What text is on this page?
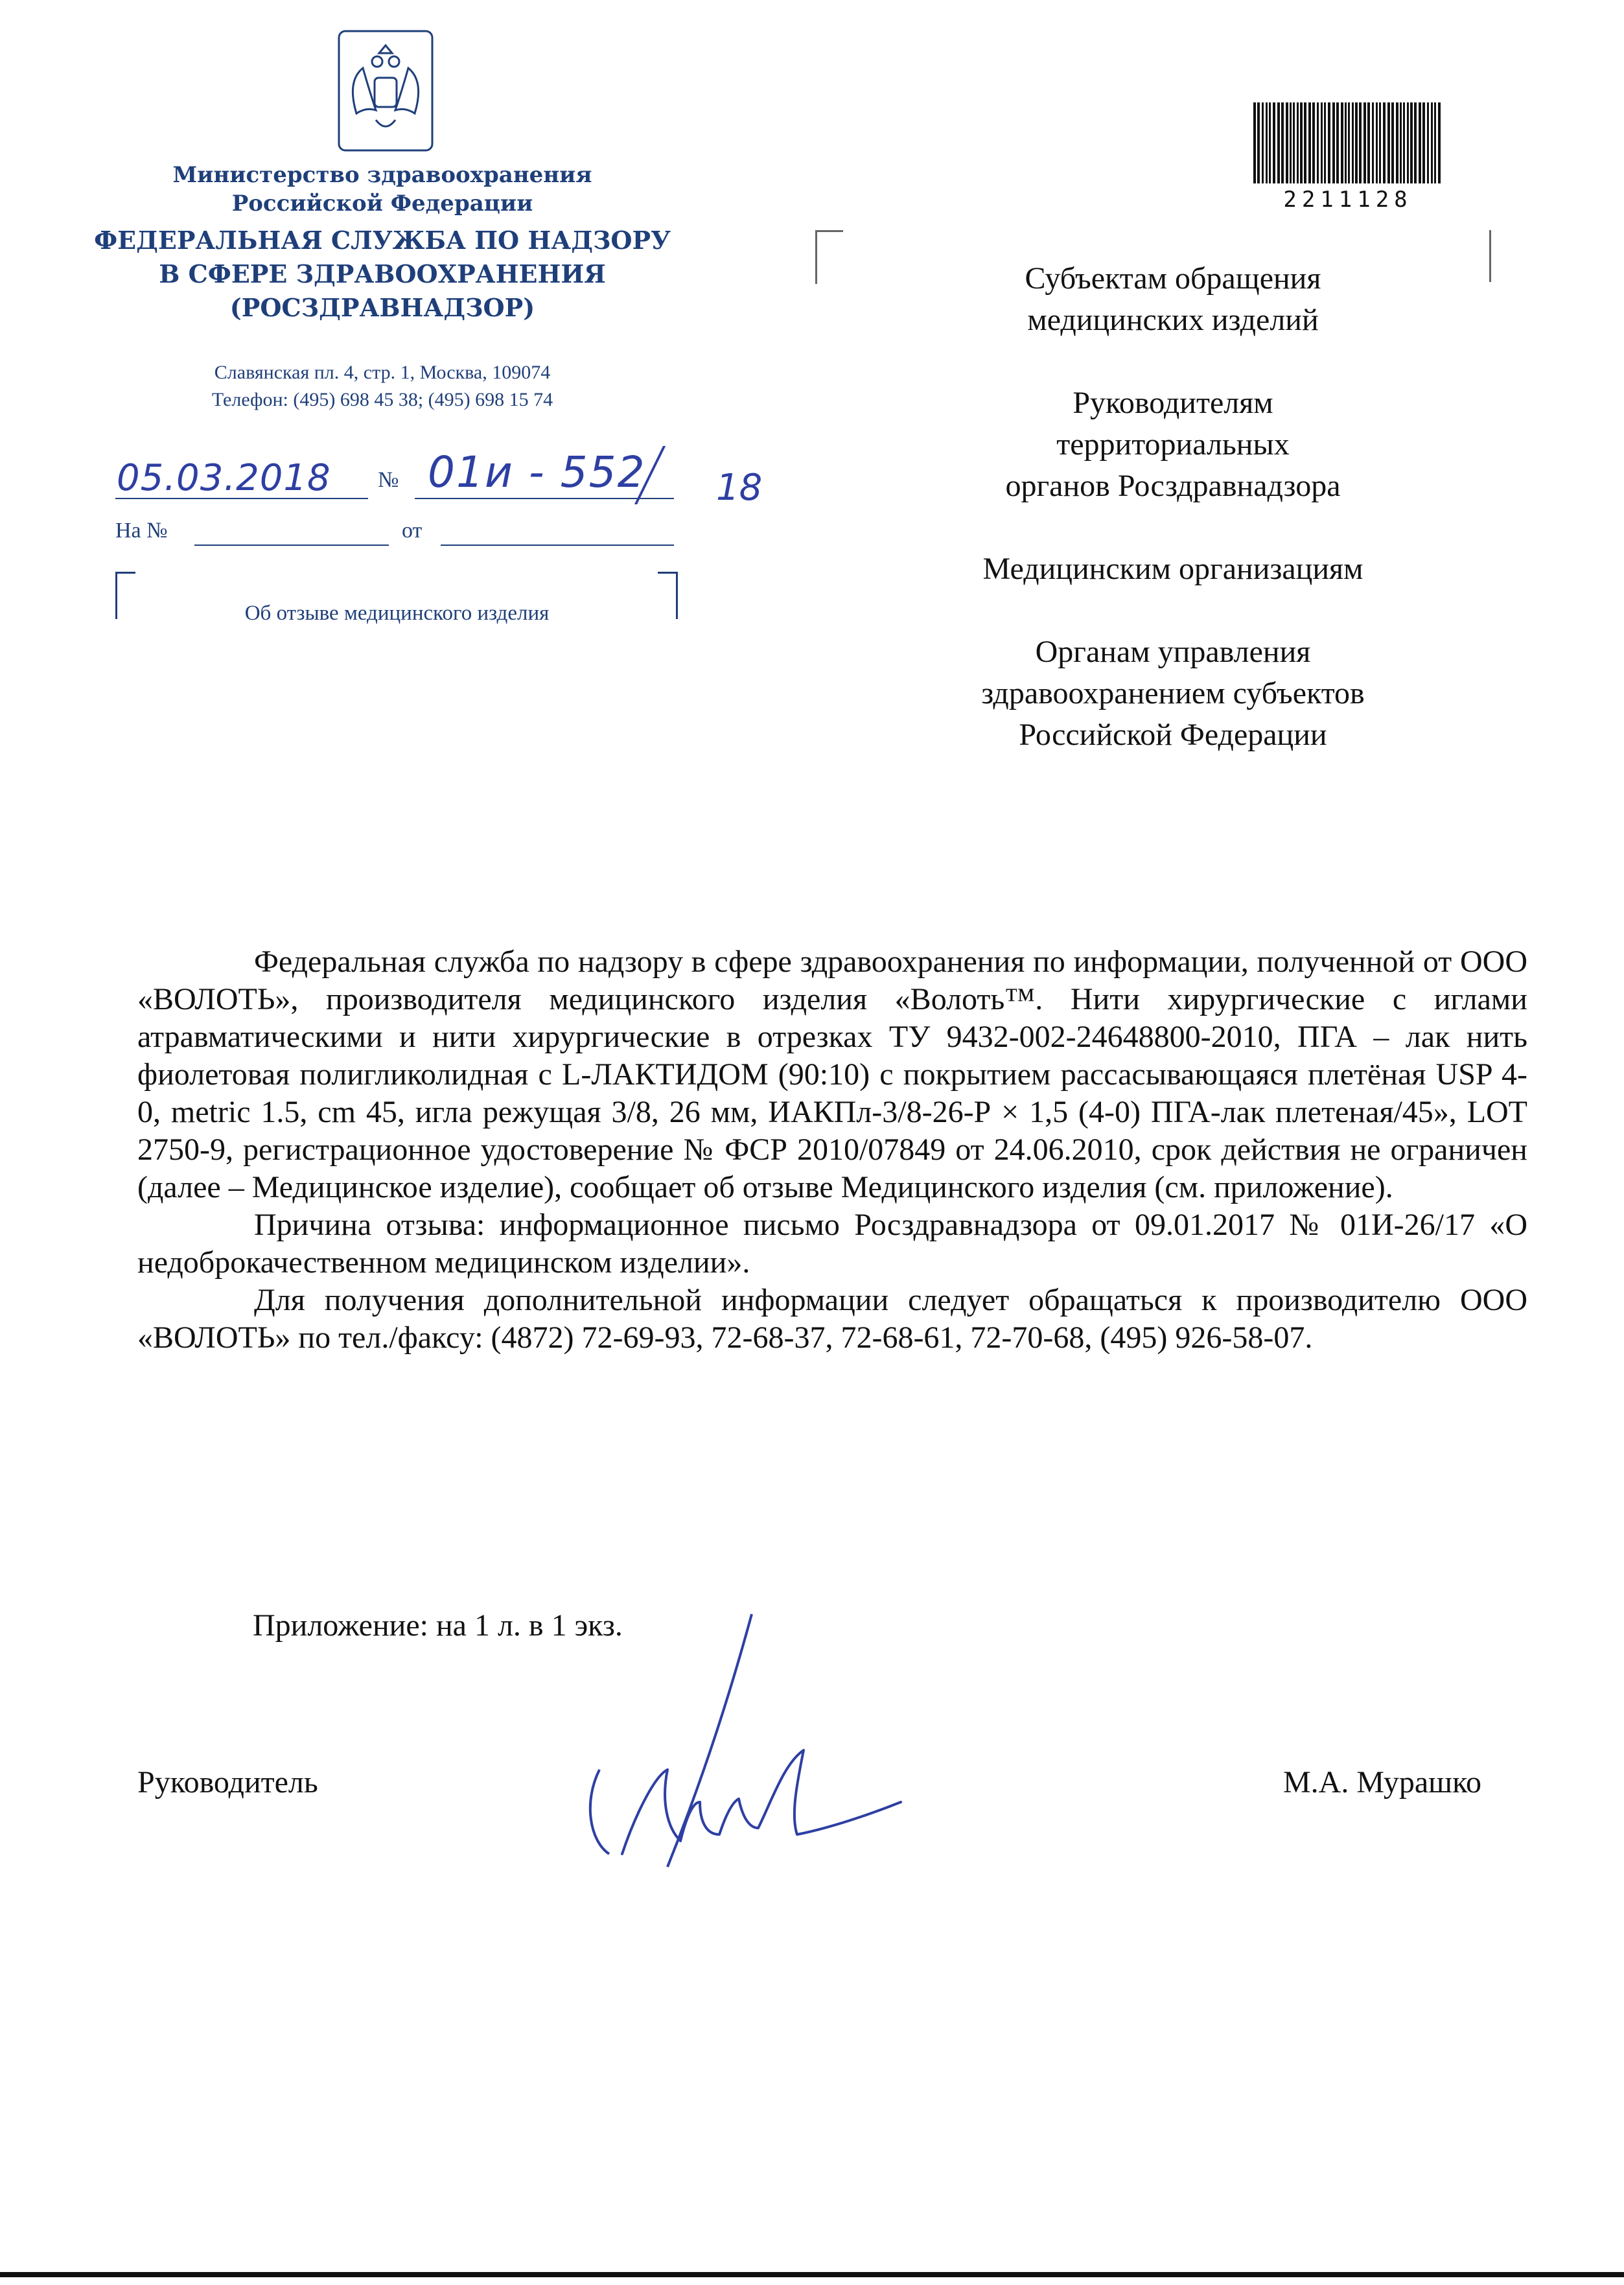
Министерство здравоохранения
Российской Федерации
ФЕДЕРАЛЬНАЯ СЛУЖБА ПО НАДЗОРУ
В СФЕРЕ ЗДРАВООХРАНЕНИЯ
(РОСЗДРАВНАДЗОР)
Славянская пл. 4, стр. 1, Москва, 109074
Телефон: (495) 698 45 38; (495) 698 15 74
05.03.2018 № 01и - 552 18
На №	от
Об отзыве медицинского изделия
2211128
Субъектам обращения
медицинских изделий
Руководителям
территориальных
органов Росздравнадзора
Медицинским организациям
Органам управления
здравоохранением субъектов
Российской Федерации

Федеральная служба по надзору в сфере здравоохранения по информации, полученной от ООО «ВОЛОТЬ», производителя медицинского изделия «Волоть™. Нити хирургические с иглами атравматическими и нити хирургические в отрезках ТУ 9432-002-24648800-2010, ПГА – лак нить фиолетовая полигликолидная с L-ЛАКТИДОМ (90:10) с покрытием рассасывающаяся плетёная USP 4-0, metric 1.5, cm 45, игла режущая 3/8, 26 мм, ИАКПл-3/8-26-Р × 1,5 (4-0) ПГА-лак плетеная/45», LOT 2750-9, регистрационное удостоверение № ФСР 2010/07849 от 24.06.2010, срок действия не ограничен (далее – Медицинское изделие), сообщает об отзыве Медицинского изделия (см. приложение).

Причина отзыва: информационное письмо Росздравнадзора от 09.01.2017 № 01И-26/17 «О недоброкачественном медицинском изделии».

Для получения дополнительной информации следует обращаться к производителю ООО «ВОЛОТЬ» по тел./факсу: (4872) 72-69-93, 72-68-37, 72-68-61, 72-70-68, (495) 926-58-07.

Приложение: на 1 л. в 1 экз.
Руководитель	М.А. Мурашко
